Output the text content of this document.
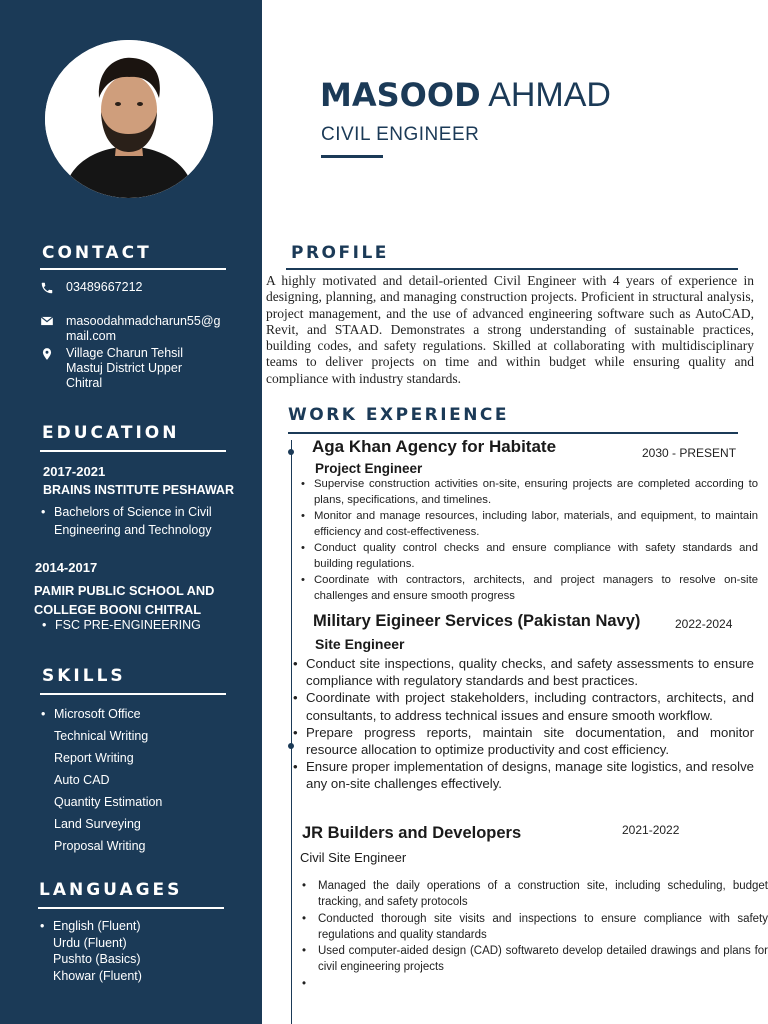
CONTACT
03489667212
masoodahmadcharun55@g
mail.com
Village Charun Tehsil
Mastuj District Upper
Chitral
EDUCATION
2017-2021
BRAINS INSTITUTE PESHAWAR
• Bachelors of Science in Civil
Engineering and Technology
2014-2017
PAMIR PUBLIC SCHOOL AND
COLLEGE BOONI CHITRAL
• FSC PRE-ENGINEERING
SKILLS
• Microsoft Office
Technical Writing
Report Writing
Auto CAD
Quantity Estimation
Land Surveying
Proposal Writing
LANGUAGES
• English (Fluent)
Urdu (Fluent)
Pushto (Basics)
Khowar (Fluent)
MASOOD AHMAD
CIVIL ENGINEER
PROFILE
A highly motivated and detail-oriented Civil Engineer with 4 years of experience in designing, planning, and managing construction projects. Proficient in structural analysis, project management, and the use of advanced engineering software such as AutoCAD, Revit, and STAAD. Demonstrates a strong understanding of sustainable practices, building codes, and safety regulations. Skilled at collaborating with multidisciplinary teams to deliver projects on time and within budget while ensuring quality and compliance with industry standards.
WORK EXPERIENCE
Aga Khan Agency for Habitate	2030 - PRESENT
Project Engineer
• Supervise construction activities on-site, ensuring projects are completed according to plans, specifications, and timelines.
• Monitor and manage resources, including labor, materials, and equipment, to maintain efficiency and cost-effectiveness.
• Conduct quality control checks and ensure compliance with safety standards and building regulations.
• Coordinate with contractors, architects, and project managers to resolve on-site challenges and ensure smooth progress
Military Eigineer Services (Pakistan Navy)	2022-2024
Site Engineer
• Conduct site inspections, quality checks, and safety assessments to ensure compliance with regulatory standards and best practices.
• Coordinate with project stakeholders, including contractors, architects, and consultants, to address technical issues and ensure smooth workflow.
• Prepare progress reports, maintain site documentation, and monitor resource allocation to optimize productivity and cost efficiency.
• Ensure proper implementation of designs, manage site logistics, and resolve any on-site challenges effectively.
JR Builders and Developers	2021-2022
Civil Site Engineer
• Managed the daily operations of a construction site, including scheduling, budget tracking, and safety protocols
• Conducted thorough site visits and inspections to ensure compliance with safety regulations and quality standards
• Used computer-aided design (CAD) softwareto develop detailed drawings and plans for civil engineering projects
•
